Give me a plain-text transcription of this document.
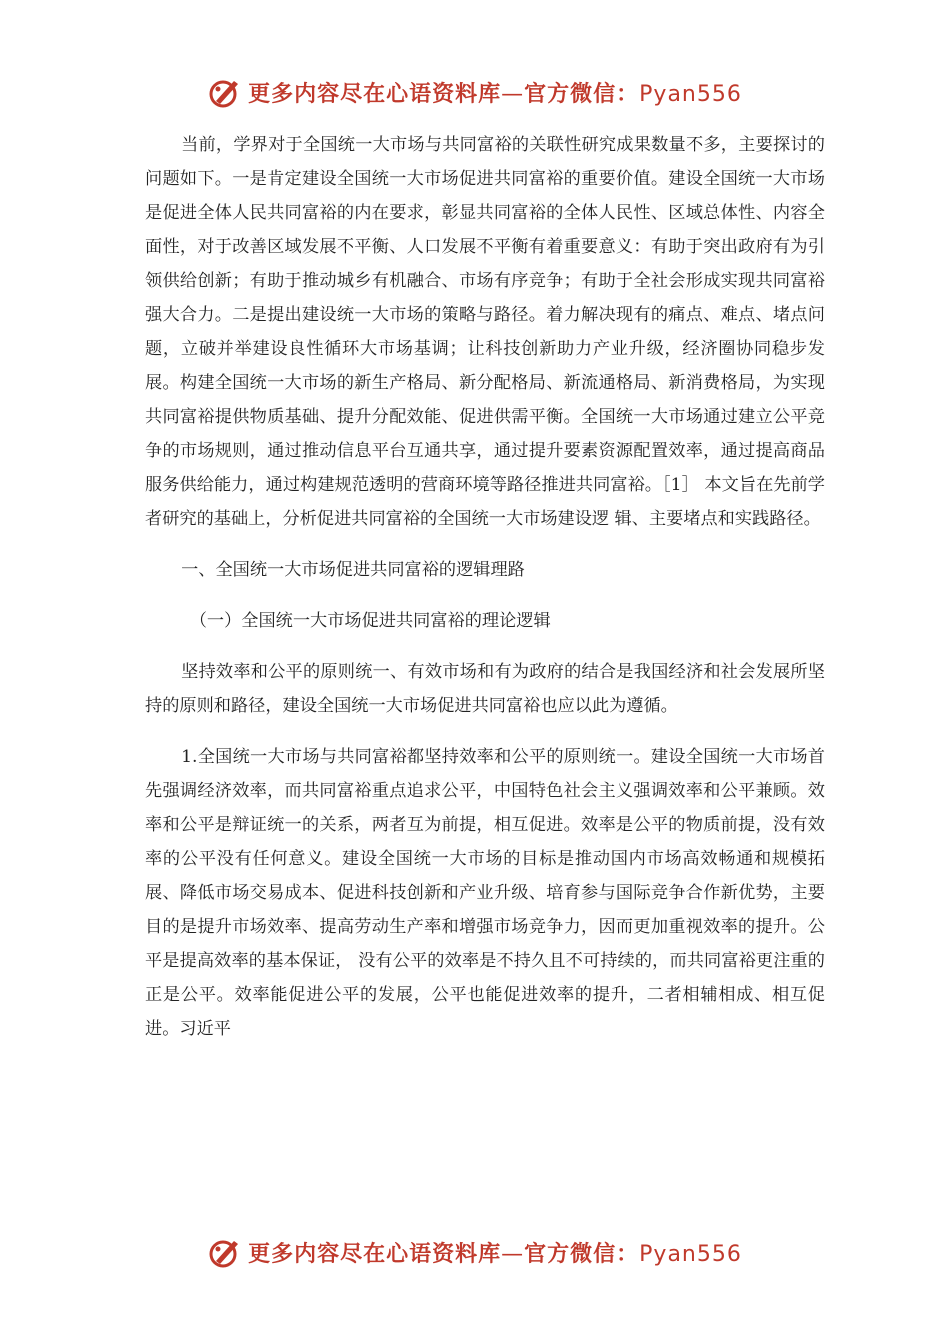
更多内容尽在心语资料库—官方微信：Pyan556

当前，学界对于全国统一大市场与共同富裕的关联性研究成果数量不多，主要探讨的问题如下。一是肯定建设全国统一大市场促进共同富裕的重要价值。建设全国统一大市场是促进全体人民共同富裕的内在要求，彰显共同富裕的全体人民性、区域总体性、内容全面性，对于改善区域发展不平衡、人口发展不平衡有着重要意义：有助于突出政府有为引领供给创新；有助于推动城乡有机融合、市场有序竞争；有助于全社会形成实现共同富裕强大合力。二是提出建设统一大市场的策略与路径。着力解决现有的痛点、难点、堵点问题，立破并举建设良性循环大市场基调；让科技创新助力产业升级，经济圈协同稳步发展。构建全国统一大市场的新生产格局、新分配格局、新流通格局、新消费格局，为实现共同富裕提供物质基础、提升分配效能、促进供需平衡。全国统一大市场通过建立公平竞争的市场规则，通过推动信息平台互通共享，通过提升要素资源配置效率，通过提高商品服务供给能力，通过构建规范透明的营商环境等路径推进共同富裕。［1］ 本文旨在先前学者研究的基础上，分析促进共同富裕的全国统一大市场建设逻 辑、主要堵点和实践路径。

一、全国统一大市场促进共同富裕的逻辑理路

（一）全国统一大市场促进共同富裕的理论逻辑

坚持效率和公平的原则统一、有效市场和有为政府的结合是我国经济和社会发展所坚持的原则和路径，建设全国统一大市场促进共同富裕也应以此为遵循。

1.全国统一大市场与共同富裕都坚持效率和公平的原则统一。建设全国统一大市场首先强调经济效率，而共同富裕重点追求公平，中国特色社会主义强调效率和公平兼顾。效率和公平是辩证统一的关系，两者互为前提，相互促进。效率是公平的物质前提，没有效率的公平没有任何意义。建设全国统一大市场的目标是推动国内市场高效畅通和规模拓展、降低市场交易成本、促进科技创新和产业升级、培育参与国际竞争合作新优势，主要目的是提升市场效率、提高劳动生产率和增强市场竞争力，因而更加重视效率的提升。公平是提高效率的基本保证， 没有公平的效率是不持久且不可持续的，而共同富裕更注重的正是公平。效率能促进公平的发展，公平也能促进效率的提升，二者相辅相成、相互促进。习近平

更多内容尽在心语资料库—官方微信：Pyan556
